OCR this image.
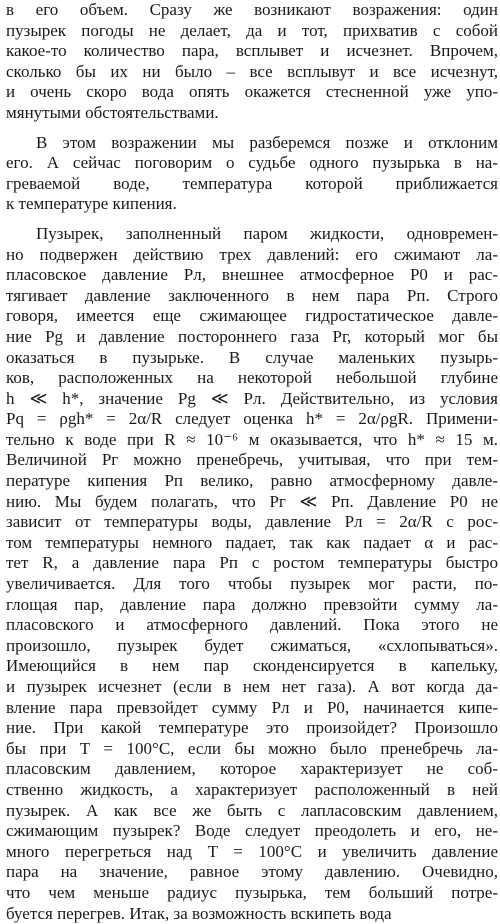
в его объем. Сразу же возникают возражения: один
пузырек погоды не делает, да и тот, прихватив с собой
какое-то количество пара, всплывет и исчезнет. Впрочем,
сколько бы их ни было – все всплывут и все исчезнут,
и очень скоро вода опять окажется стесненной уже упо-
мянутыми обстоятельствами.
В этом возражении мы разберемся позже и отклоним
его. А сейчас поговорим о судьбе одного пузырька в на-
греваемой воде, температура которой приближается
к температуре кипения.
Пузырек, заполненный паром жидкости, одновремен-
но подвержен действию трех давлений: его сжимают ла-
пласовское давление Pл, внешнее атмосферное P0 и рас-
тягивает давление заключенного в нем пара Pп. Строго
говоря, имеется еще сжимающее гидростатическое давле-
ние Pg и давление постороннего газа Pг, который мог бы
оказаться в пузырьке. В случае маленьких пузырь-
ков, расположенных на некоторой небольшой глубине
h ≪ h*, значение Pg ≪ Pл. Действительно, из условия
Pq = ρgh* = 2α/R следует оценка h* = 2α/ρgR. Примени-
тельно к воде при R ≈ 10⁻⁶ м оказывается, что h* ≈ 15 м.
Величиной Pг можно пренебречь, учитывая, что при тем-
пературе кипения Pп велико, равно атмосферному давле-
нию. Мы будем полагать, что Pг ≪ Pп. Давление P0 не
зависит от температуры воды, давление Pл = 2α/R с рос-
том температуры немного падает, так как падает α и рас-
тет R, а давление пара Pп с ростом температуры быстро
увеличивается. Для того чтобы пузырек мог расти, по-
глощая пар, давление пара должно превзойти сумму ла-
пласовского и атмосферного давлений. Пока этого не
произошло, пузырек будет сжиматься, «схлопываться».
Имеющийся в нем пар сконденсируется в капельку,
и пузырек исчезнет (если в нем нет газа). А вот когда да-
вление пара превзойдет сумму Pл и P0, начинается кипе-
ние. При какой температуре это произойдет? Произошло
бы при T = 100°C, если бы можно было пренебречь ла-
пласовским давлением, которое характеризует не соб-
ственно жидкость, а характеризует расположенный в ней
пузырек. А как все же быть с лапласовским давлением,
сжимающим пузырек? Воде следует преодолеть и его, не-
много перегреться над T = 100°C и увеличить давление
пара на значение, равное этому давлению. Очевидно,
что чем меньше радиус пузырька, тем больший потре-
буется перегрев. Итак, за возможность вскипеть вода
